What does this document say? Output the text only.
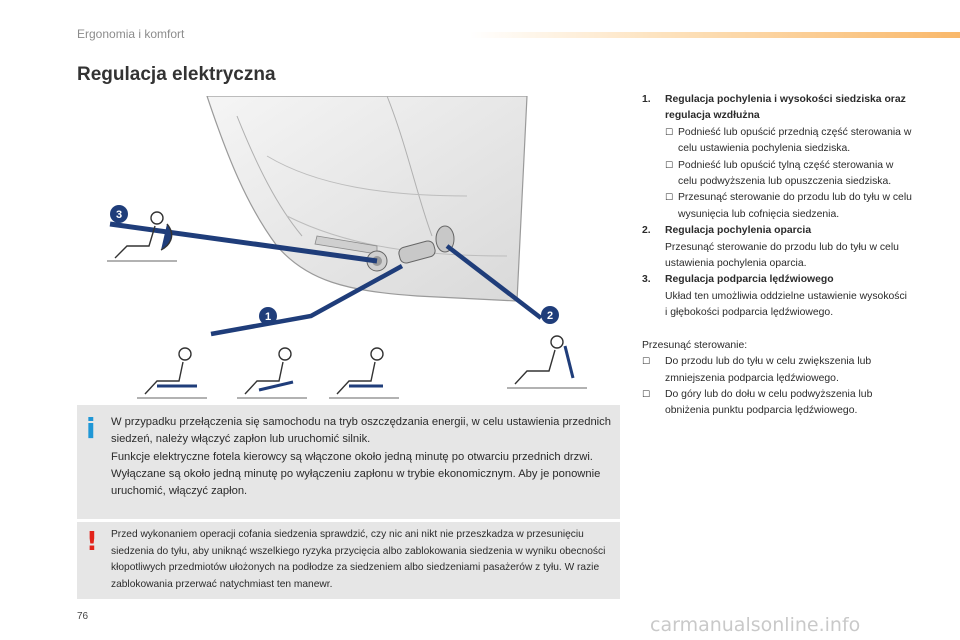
Ergonomia i komfort
Regulacja elektryczna
3
1	2
i W przypadku przełączenia się samochodu na tryb oszczędzania energii, w celu ustawienia przednich siedzeń, należy włączyć zapłon lub uruchomić silnik.
Funkcje elektryczne fotela kierowcy są włączone około jedną minutę po otwarciu przednich drzwi. Wyłączane są około jedną minutę po wyłączeniu zapłonu w trybie ekonomicznym. Aby je ponownie uruchomić, włączyć zapłon.
! Przed wykonaniem operacji cofania siedzenia sprawdzić, czy nic ani nikt nie przeszkadza w przesunięciu siedzenia do tyłu, aby uniknąć wszelkiego ryzyka przycięcia albo zablokowania siedzenia w wyniku obecności kłopotliwych przedmiotów ułożonych na podłodze za siedzeniem albo siedzeniami pasażerów z tyłu. W razie zablokowania przerwać natychmiast ten manewr.
1. Regulacja pochylenia i wysokości siedziska oraz regulacja wzdłużna
☐ Podnieść lub opuścić przednią część sterowania w celu ustawienia pochylenia siedziska.
☐ Podnieść lub opuścić tylną część sterowania w celu podwyższenia lub opuszczenia siedziska.
☐ Przesunąć sterowanie do przodu lub do tyłu w celu wysunięcia lub cofnięcia siedzenia.
2. Regulacja pochylenia oparcia
Przesunąć sterowanie do przodu lub do tyłu w celu ustawienia pochylenia oparcia.
3. Regulacja podparcia lędźwiowego
Układ ten umożliwia oddzielne ustawienie wysokości i głębokości podparcia lędźwiowego.
Przesunąć sterowanie:
☐ Do przodu lub do tyłu w celu zwiększenia lub zmniejszenia podparcia lędźwiowego.
☐ Do góry lub do dołu w celu podwyższenia lub obniżenia punktu podparcia lędźwiowego.
76	carmanualsonline.info
